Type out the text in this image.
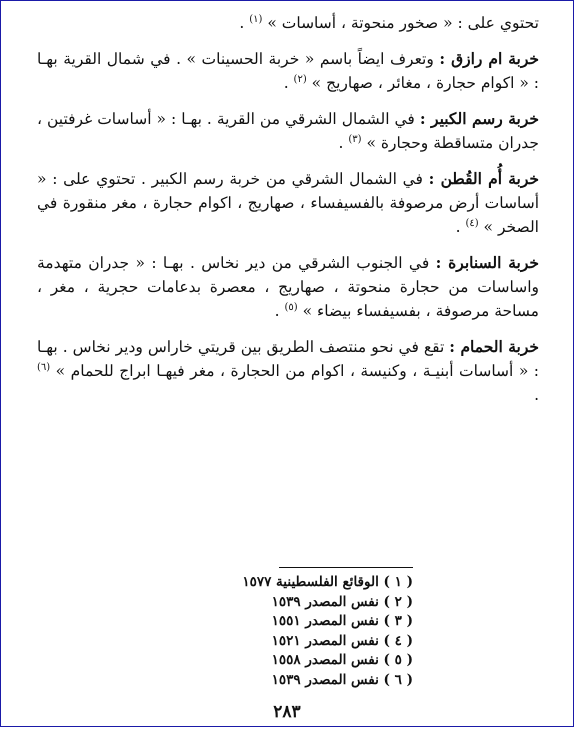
تحتوي على : « صخور منحوتة ، أساسات » $^{(١)}$ .

خربة ام رازق : وتعرف ايضاً باسم « خربة الحسينات » . في شمال القرية بهـا : « اكوام حجارة ، مغائر ، صهاريج » $^{(٢)}$ .

خربة رسم الكبير : في الشمال الشرقي من القرية . بهـا : « أساسات غرفتين ، جدران متساقطة وحجارة » $^{(٣)}$ .

خربة أُم القُطن : في الشمال الشرقي من خربة رسم الكبير . تحتوي على : « أساسات أرض مرصوفة بالفسيفساء ، صهاريج ، اكوام حجارة ، مغر منقورة في الصخر » $^{(٤)}$ .

خربة السنابرة : في الجنوب الشرقي من دير نخاس . بهـا : « جدران متهدمة واساسات من حجارة منحوتة ، صهاريج ، معصرة بدعامات حجرية ، مغر ، مساحة مرصوفة ، بفسيفساء بيضاء » $^{(٥)}$ .

خربة الحمام : تقع في نحو منتصف الطريق بين قريتي خاراس ودير نخاس . بهـا : « أساسات أبنيـة ، وكنيسة ، اكوام من الحجارة ، مغر فيهـا ابراج للحمام » $^{(٦)}$ .

( ١ ) الوقائع الفلسطينية ١٥٧٧
( ٢ ) نفس المصدر ١٥٣٩
( ٣ ) نفس المصدر ١٥٥١
( ٤ ) نفس المصدر ١٥٢١
( ٥ ) نفس المصدر ١٥٥٨
( ٦ ) نفس المصدر ١٥٣٩
٢٨٣
